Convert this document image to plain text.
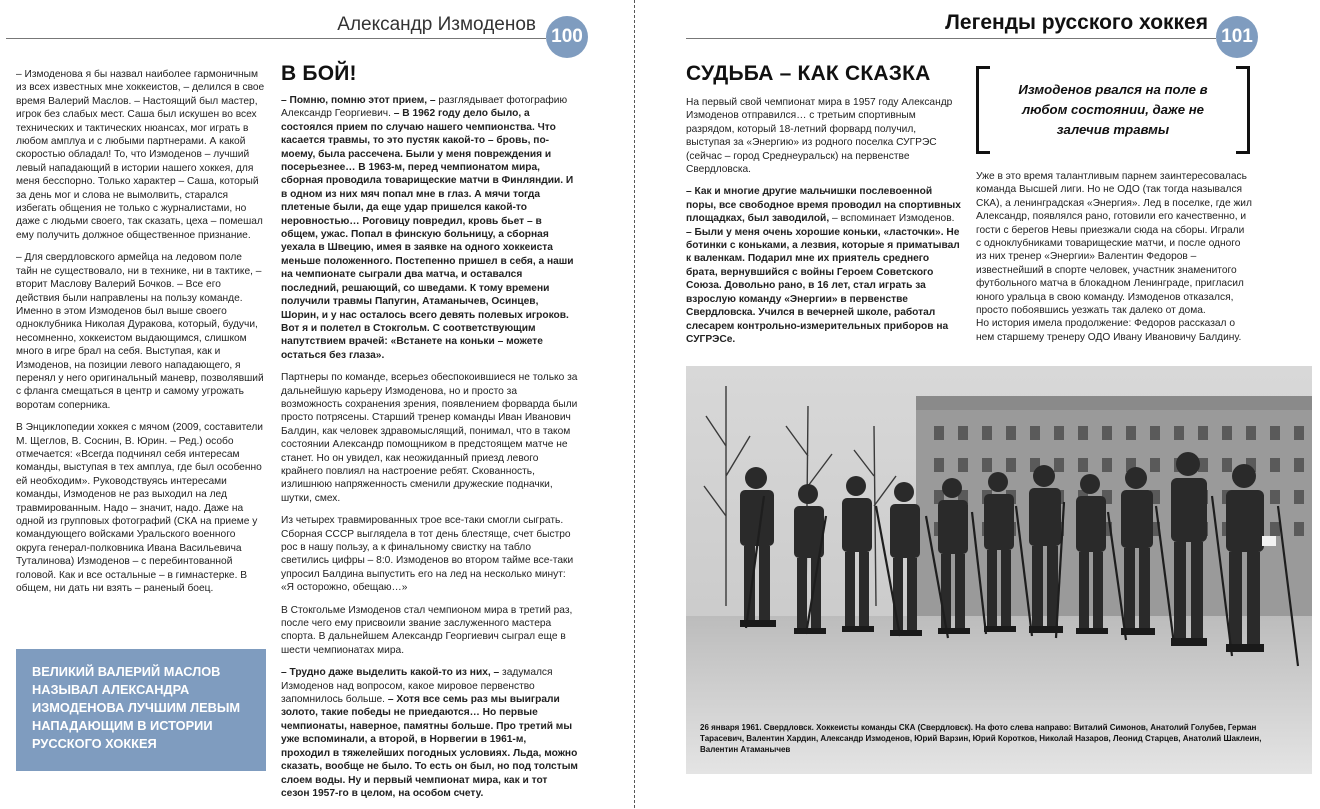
Александр Измоденов
100

– Измоденова я бы назвал наиболее гармоничным из всех известных мне хоккеистов, – делился в свое время Валерий Маслов. – Настоящий был мастер, игрок без слабых мест. Саша был искушен во всех технических и тактических нюансах, мог играть в любом амплуа и с любыми партнерами. А какой скоростью обладал! То, что Измоденов – лучший левый нападающий в истории нашего хоккея, для меня бесспорно. Только характер – Саша, который за день мог и слова не вымолвить, старался избегать общения не только с журналистами, но даже с людьми своего, так сказать, цеха – помешал ему получить должное общественное признание.

– Для свердловского армейца на ледовом поле тайн не существовало, ни в технике, ни в тактике, – вторит Маслову Валерий Бочков. – Все его действия были направлены на пользу команде. Именно в этом Измоденов был выше своего одноклубника Николая Дуракова, который, будучи, несомненно, хоккеистом выдающимся, слишком много в игре брал на себя. Выступая, как и Измоденов, на позиции левого нападающего, я перенял у него оригинальный маневр, позволявший с фланга смещаться в центр и самому угрожать воротам соперника.

В Энциклопедии хоккея с мячом (2009, составители М. Щеглов, В. Соснин, В. Юрин. – Ред.) особо отмечается: «Всегда подчинял себя интересам команды, выступая в тех амплуа, где был особенно ей необходим». Руководствуясь интересами команды, Измоденов не раз выходил на лед травмированным. Надо – значит, надо. Даже на одной из групповых фотографий (СКА на приеме у командующего войсками Уральского военного округа генерал-полковника Ивана Васильевича Туталинова) Измоденов – с перебинтованной головой. Как и все остальные – в гимнастерке. В общем, ни дать ни взять – раненый боец.

ВЕЛИКИЙ ВАЛЕРИЙ МАСЛОВ НАЗЫВАЛ АЛЕКСАНДРА ИЗМОДЕНОВА ЛУЧШИМ ЛЕВЫМ НАПАДАЮЩИМ В ИСТОРИИ РУССКОГО ХОККЕЯ
В БОЙ!

– Помню, помню этот прием, – разглядывает фотографию Александр Георгиевич. – В 1962 году дело было, а состоялся прием по случаю нашего чемпионства. Что касается травмы, то это пустяк какой-то – бровь, по-моему, была рассечена. Были у меня повреждения и посерьезнее… В 1963-м, перед чемпионатом мира, сборная проводила товарищеские матчи в Финляндии. И в одном из них мяч попал мне в глаз. А мячи тогда плетеные были, да еще удар пришелся какой-то неровностью… Роговицу повредил, кровь бьет – в общем, ужас. Попал в финскую больницу, а сборная уехала в Швецию, имея в заявке на одного хоккеиста меньше положенного. Постепенно пришел в себя, а наши на чемпионате сыграли два матча, и оставался последний, решающий, со шведами. К тому времени получили травмы Папугин, Атаманычев, Осинцев, Шорин, и у нас осталось всего девять полевых игроков. Вот я и полетел в Стокгольм. С соответствующим напутствием врачей: «Встанете на коньки – можете остаться без глаза».

Партнеры по команде, всерьез обеспокоившиеся не только за дальнейшую карьеру Измоденова, но и просто за возможность сохранения зрения, появлением форварда были просто потрясены. Старший тренер команды Иван Иванович Балдин, как человек здравомыслящий, понимал, что в таком состоянии Александр помощником в предстоящем матче не станет. Но он увидел, как неожиданный приезд левого крайнего повлиял на настроение ребят. Скованность, излишнюю напряженность сменили дружеские подначки, шутки, смех.

Из четырех травмированных трое все-таки смогли сыграть. Сборная СССР выглядела в тот день блестяще, счет быстро рос в нашу пользу, а к финальному свистку на табло светились цифры – 8:0. Измоденов во втором тайме все-таки упросил Балдина выпустить его на лед на несколько минут: «Я осторожно, обещаю…»

В Стокгольме Измоденов стал чемпионом мира в третий раз, после чего ему присвоили звание заслуженного мастера спорта. В дальнейшем Александр Георгиевич сыграл еще в шести чемпионатах мира.

– Трудно даже выделить какой-то из них, – задумался Измоденов над вопросом, какое мировое первенство запомнилось больше. – Хотя все семь раз мы выиграли золото, такие победы не приедаются… Но первые чемпионаты, наверное, памятны больше. Про третий мы уже вспоминали, а второй, в Норвегии в 1961-м, проходил в тяжелейших погодных условиях. Льда, можно сказать, вообще не было. То есть он был, но под толстым слоем воды. Ну и первый чемпионат мира, как и тот сезон 1957-го в целом, на особом счету.

Легенды русского хоккея
101
СУДЬБА – КАК СКАЗКА

На первый свой чемпионат мира в 1957 году Александр Измоденов отправился… с третьим спортивным разрядом, который 18-летний форвард получил, выступая за «Энергию» из родного поселка СУГРЭС (сейчас – город Среднеуральск) на первенстве Свердловска.

– Как и многие другие мальчишки послевоенной поры, все свободное время проводил на спортивных площадках, был заводилой, – вспоминает Измоденов. – Были у меня очень хорошие коньки, «ласточки». Не ботинки с коньками, а лезвия, которые я приматывал к валенкам. Подарил мне их приятель среднего брата, вернувшийся с войны Героем Советского Союза. Довольно рано, в 16 лет, стал играть за взрослую команду «Энергии» в первенстве Свердловска. Учился в вечерней школе, работал слесарем контрольно-измерительных приборов на СУГРЭСе.

Измоденов рвался на поле в любом состоянии, даже не залечив травмы

Уже в это время талантливым парнем заинтересовалась команда Высшей лиги. Но не ОДО (так тогда назывался СКА), а ленинградская «Энергия». Лед в поселке, где жил Александр, появлялся рано, готовили его качественно, и гости с берегов Невы приезжали сюда на сборы. Играли с одноклубниками товарищеские матчи, и после одного из них тренер «Энергии» Валентин Федоров – известнейший в спорте человек, участник знаменитого футбольного матча в блокадном Ленинграде, пригласил юного уральца в свою команду. Измоденов отказался, просто побоявшись уезжать так далеко от дома.

Но история имела продолжение: Федоров рассказал о нем старшему тренеру ОДО Ивану Ивановичу Балдину.

26 января 1961. Свердловск. Хоккеисты команды СКА (Свердловск). На фото слева направо: Виталий Симонов, Анатолий Голубев, Герман Тарасевич, Валентин Хардин, Александр Измоденов, Юрий Варзин, Юрий Коротков, Николай Назаров, Леонид Старцев, Анатолий Шаклеин, Валентин Атаманычев
